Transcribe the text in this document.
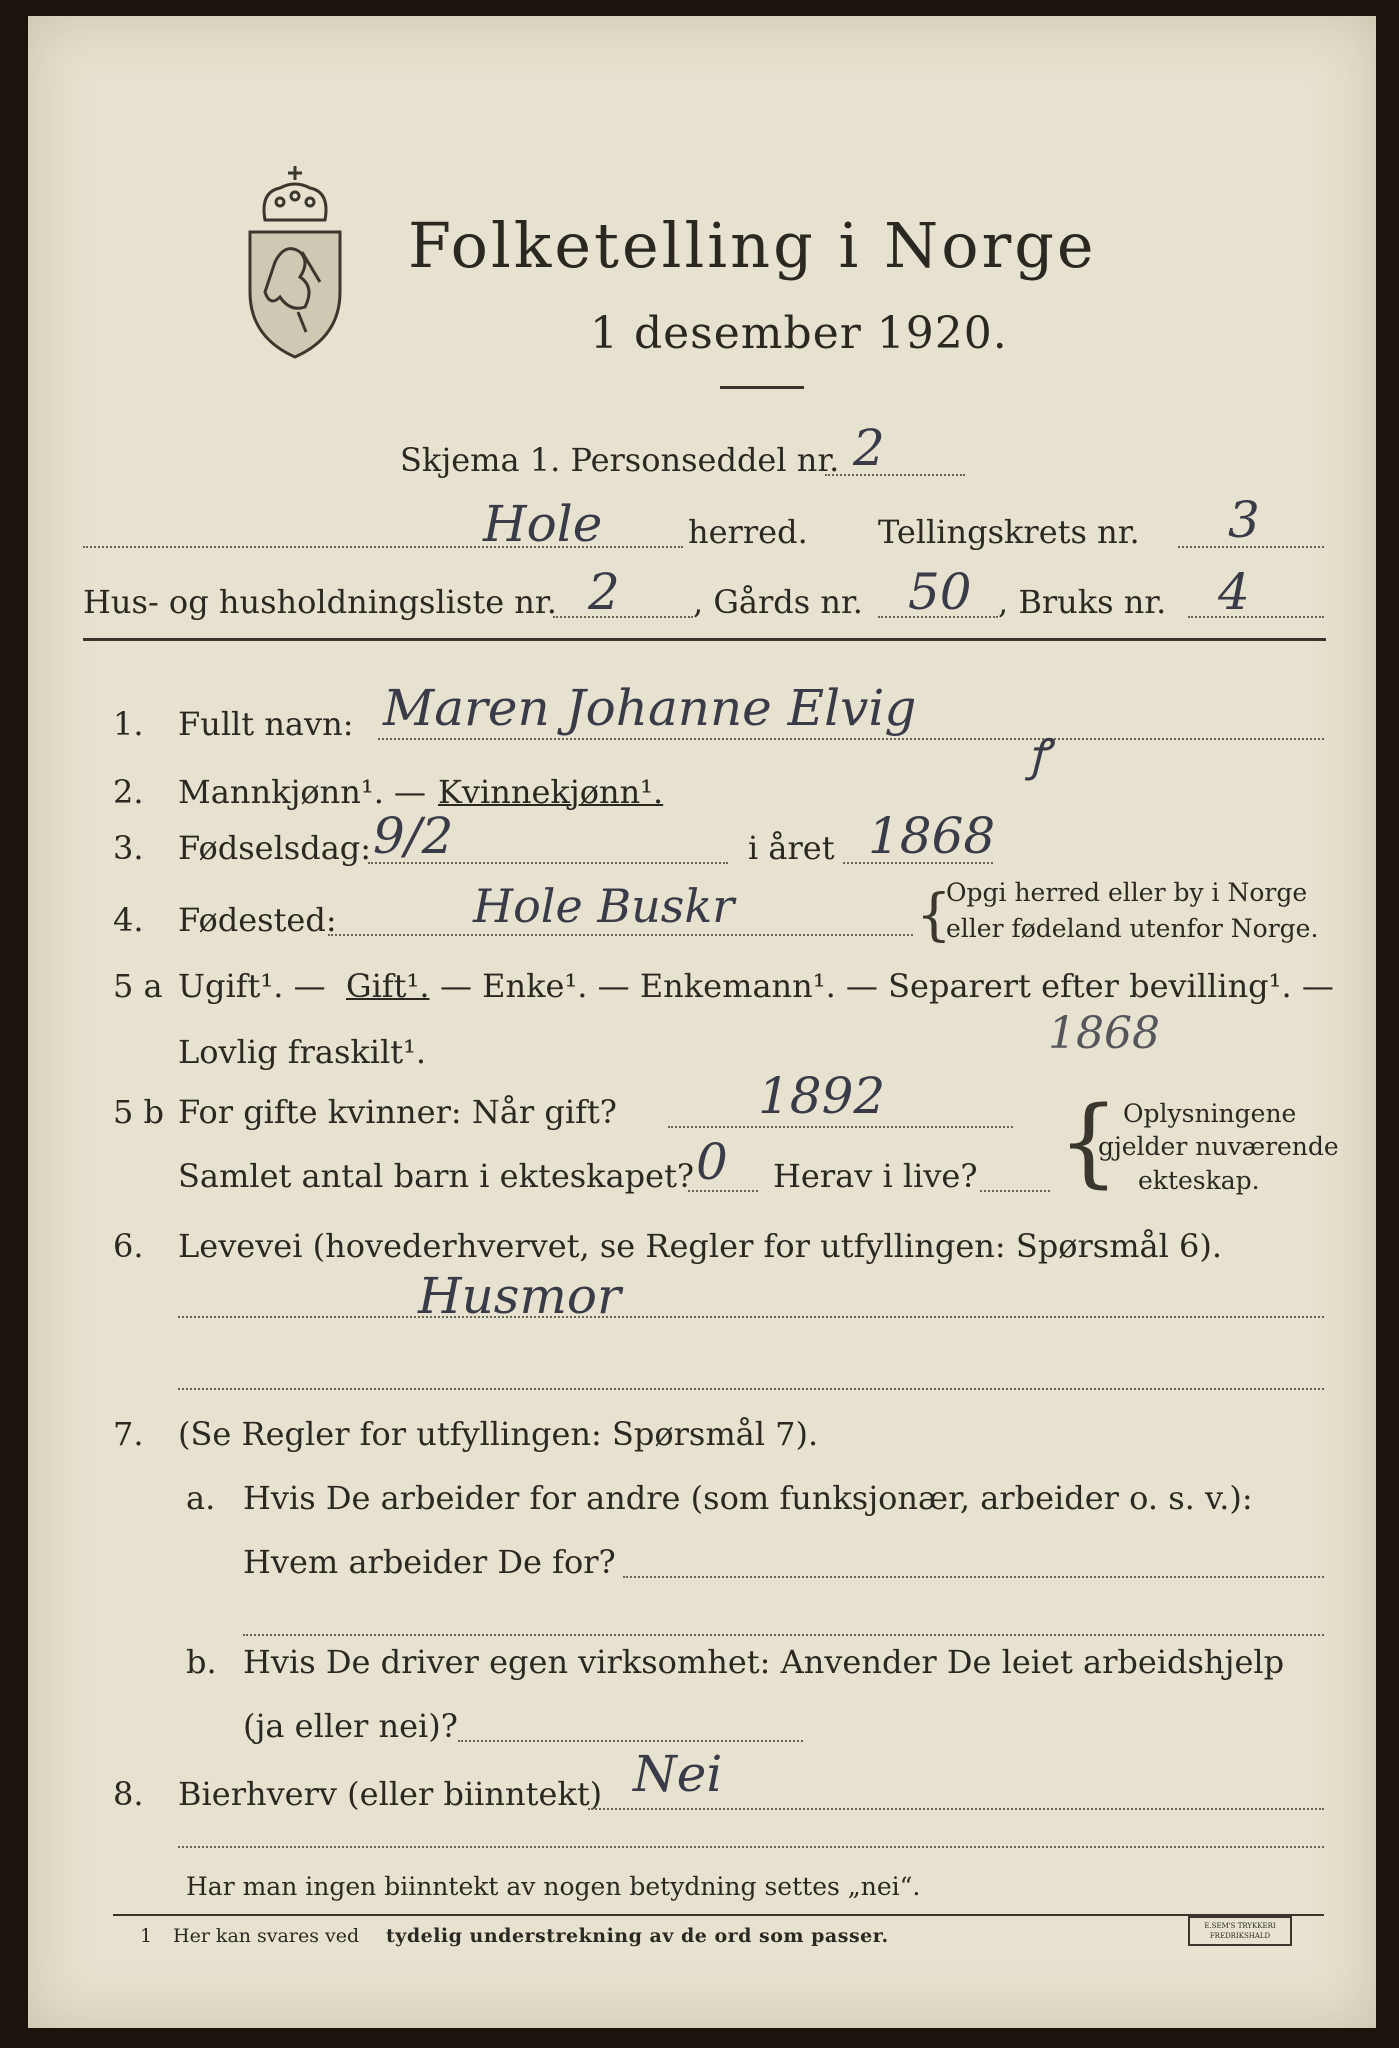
Folketelling i Norge
1 desember 1920.
Skjema 1. Personseddel nr. 2
Hole	herred. Tellingskrets nr. 3
Hus- og husholdningsliste nr. 2 , Gårds nr. 50 , Bruks nr. 4
1. Fullt navn: Maren Johanne Elvig
ꝭ
2. Mannkjønn¹. — Kvinnekjønn¹.
3. Fødselsdag: 9/2	i året 1868
4. Fødested:	Hole Buskr	{
Opgi herred eller by i Norge
eller fødeland utenfor Norge.
5 a Ugift¹. — Gift¹. — Enke¹. — Enkemann¹. — Separert efter bevilling¹. —
Lovlig fraskilt¹.	1868
5 b For gifte kvinner: Når gift?	1892
Samlet antal barn i ekteskapet? 0 Herav i live? { Oplysningene
gjelder nuværende
ekteskap.
6. Levevei (hovederhvervet, se Regler for utfyllingen: Spørsmål 6).
Husmor
7. (Se Regler for utfyllingen: Spørsmål 7).
a. Hvis De arbeider for andre (som funksjonær, arbeider o. s. v.):
Hvem arbeider De for?
b. Hvis De driver egen virksomhet: Anvender De leiet arbeidshjelp
(ja eller nei)?
8. Bierhverv (eller biinntekt) Nei
Har man ingen biinntekt av nogen betydning settes „nei“.
1 Her kan svares ved tydelig understrekning av de ord som passer.	E.SEM'S TRYKKERI FREDRIKSHALD
